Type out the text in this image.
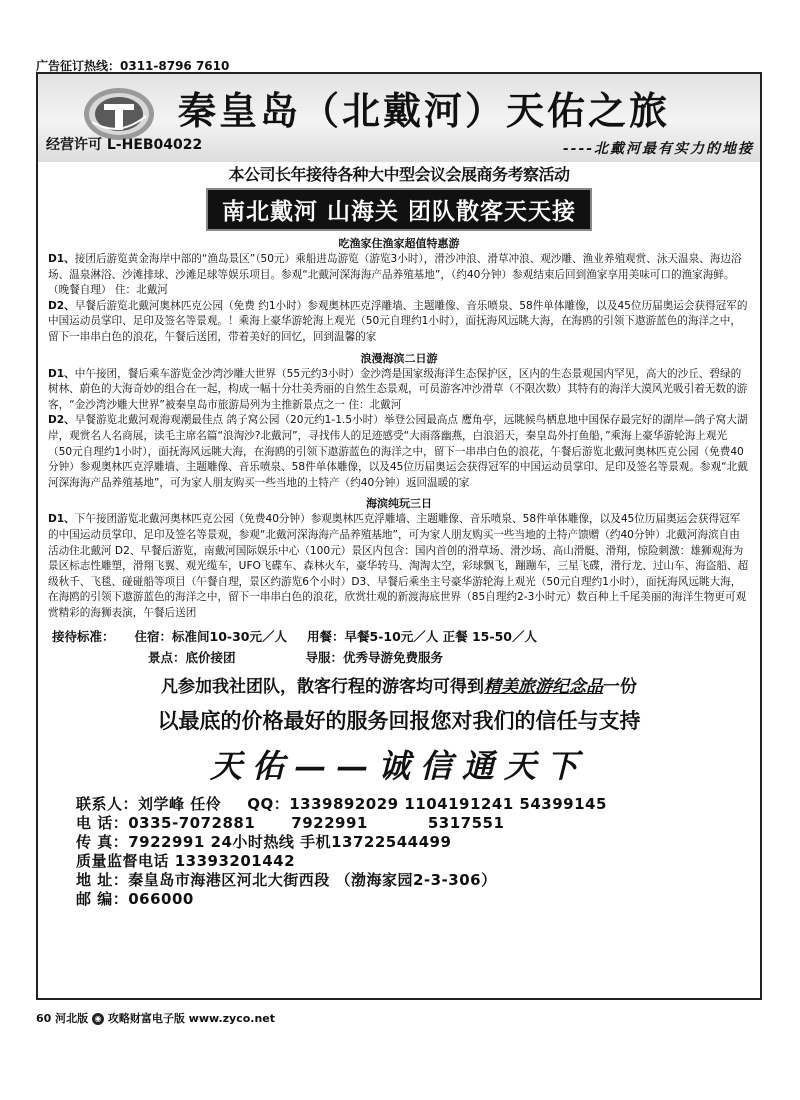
广告征订热线：0311-8796 7610
秦皇岛（北戴河）天佑之旅
经营许可 L-HEB04022	----北戴河最有实力的地接
本公司长年接待各种大中型会议会展商务考察活动
南北戴河 山海关 团队散客天天接
吃渔家住渔家超值特惠游
D1、接团后游览黄金海岸中部的“渔岛景区”（50元）乘船进岛游览（游览3小时），滑沙冲浪、滑草冲浪、观沙雕、渔业养殖观赏、泳天温泉、海边浴场、温泉淋浴、沙滩排球、沙滩足球等娱乐项目。参观“北戴河深海海产品养殖基地”，（约40分钟）参观结束后回到渔家享用美味可口的渔家海鲜。（晚餐自理） 住：北戴河
D2、早餐后游览北戴河奥林匹克公园（免费 约1小时）参观奥林匹克浮雕墙、主题雕像、音乐喷泉、58件单体雕像，以及45位历届奥运会获得冠军的中国运动员掌印、足印及签名等景观。！乘海上豪华游轮海上观光（50元自理约1小时），面抚海风远眺大海，在海鸥的引领下遨游蓝色的海洋之中，留下一串串白色的浪花，午餐后送团，带着美好的回忆，回到温馨的家
浪漫海滨二日游
D1、中午接团，餐后乘车游览金沙湾沙雕大世界（55元约3小时）金沙湾是国家级海洋生态保护区，区内的生态景观国内罕见，高大的沙丘、碧绿的树林、蔚色的大海奇妙的组合在一起，构成一幅十分壮美秀丽的自然生态景观，可员游客冲沙滑草（不限次数）其特有的海洋大漠风光吸引着无数的游客，“金沙湾沙雕大世界”被秦皇岛市旅游局列为主推新景点之一 住：北戴河
D2、早餐游览北戴河观海观潮最佳点 鸽子窝公园（20元约1-1.5小时）举登公园最高点 鹰角亭，远眺候鸟栖息地中国保存最完好的湖岸—鸽子窝大湖岸，观赏名人名商展，读毛主席名篇“浪淘沙?北戴河”，寻找伟人的足迹感受“大雨落幽燕，白浪滔天，秦皇岛外打鱼船，”乘海上豪华游轮海上观光（50元自理约1小时），面抚海风远眺大海，在海鸥的引领下遨游蓝色的海洋之中，留下一串串白色的浪花，午餐后游览北戴河奥林匹克公园（免费40分钟）参观奥林匹克浮雕墙、主题雕像、音乐喷泉、58件单体雕像，以及45位历届奥运会获得冠军的中国运动员掌印、足印及签名等景观。参观“北戴河深海海产品养殖基地”，可为家人朋友购买一些当地的土特产（约40分钟）返回温暖的家
海滨纯玩三日
D1、下午接团游览北戴河奥林匹克公园（免费40分钟）参观奥林匹克浮雕墙、主题雕像、音乐喷泉、58件单体雕像，以及45位历届奥运会获得冠军的中国运动员掌印、足印及签名等景观，参观“北戴河深海海产品养殖基地”，可为家人朋友购买一些当地的土特产馈赠（约40分钟）北戴河海滨自由活动住北戴河 D2、早餐后游览，南戴河国际娱乐中心（100元）景区内包含：国内首创的滑草场、滑沙场、高山滑艇、滑翔，惊险刺激：雄狮观海为景区标志性雕塑，滑翔飞翼、观光缆车，UFO飞碟车、森林火车，豪华转马、淘淘太空，彩球飘飞，蹦蹦车，三星飞碟，滑行龙、过山车、海盗船、超级秋千、飞毯、碰碰船等项目（午餐自理，景区约游览6个小时）D3、早餐后乘坐主号豪华游轮海上观光（50元自理约1小时），面抚海风远眺大海，在海鸥的引领下遨游蓝色的海洋之中，留下一串串白色的浪花，欣赏壮观的新渡海底世界（85自理约2-3小时元）数百种上千尾美丽的海洋生物更可观赏精彩的海狮表演，午餐后送团
接待标准： 住宿：标准间10-30元／人 用餐：早餐5-10元／人 正餐 15-50／人
景点：底价接团	导服：优秀导游免费服务
凡参加我社团队，散客行程的游客均可得到精美旅游纪念品一份
以最底的价格最好的服务回报您对我们的信任与支持
天佑——诚信通天下
联系人：刘学峰 任伶 QQ：1339892029 1104191241 54399145
电 话：0335-7072881 7922991	5317551
传 真：7922991 24小时热线 手机13722544499
质量监督电话 13393201442
地 址：秦皇岛市海港区河北大街西段 （渤海家园2-3-306）
邮 编：066000
60 河北版 ◉ 攻略财富电子版 www.zyco.net
